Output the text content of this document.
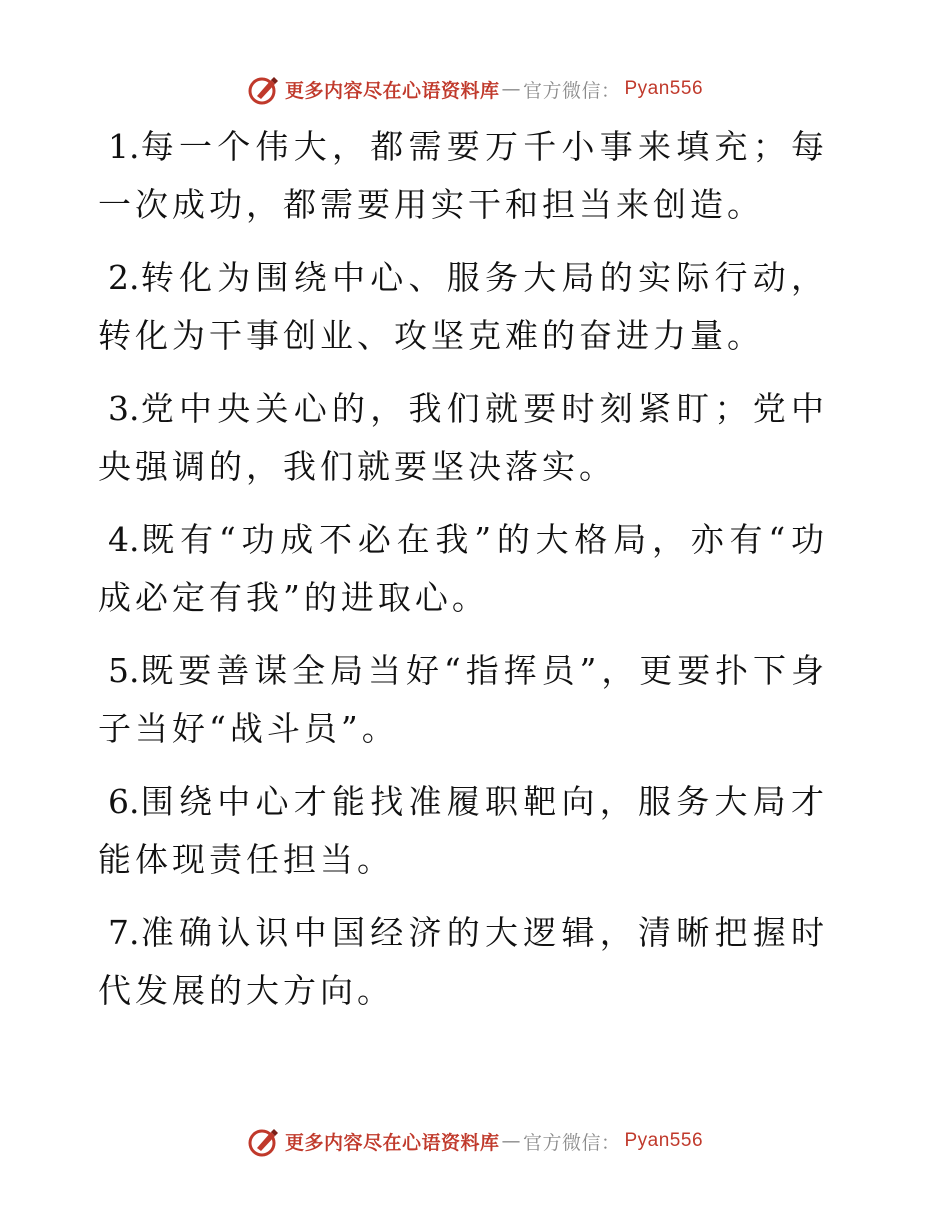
更多内容尽在心语资料库 — 官方微信： Pyan556

1.每一个伟大，都需要万千小事来填充；每一次成功，都需要用实干和担当来创造。

2.转化为围绕中心、服务大局的实际行动，转化为干事创业、攻坚克难的奋进力量。

3.党中央关心的，我们就要时刻紧盯；党中央强调的，我们就要坚决落实。

4.既有“功成不必在我”的大格局，亦有“功成必定有我”的进取心。

5.既要善谋全局当好“指挥员”，更要扑下身子当好“战斗员”。

6.围绕中心才能找准履职靶向，服务大局才能体现责任担当。

7.准确认识中国经济的大逻辑，清晰把握时代发展的大方向。

更多内容尽在心语资料库 — 官方微信： Pyan556
